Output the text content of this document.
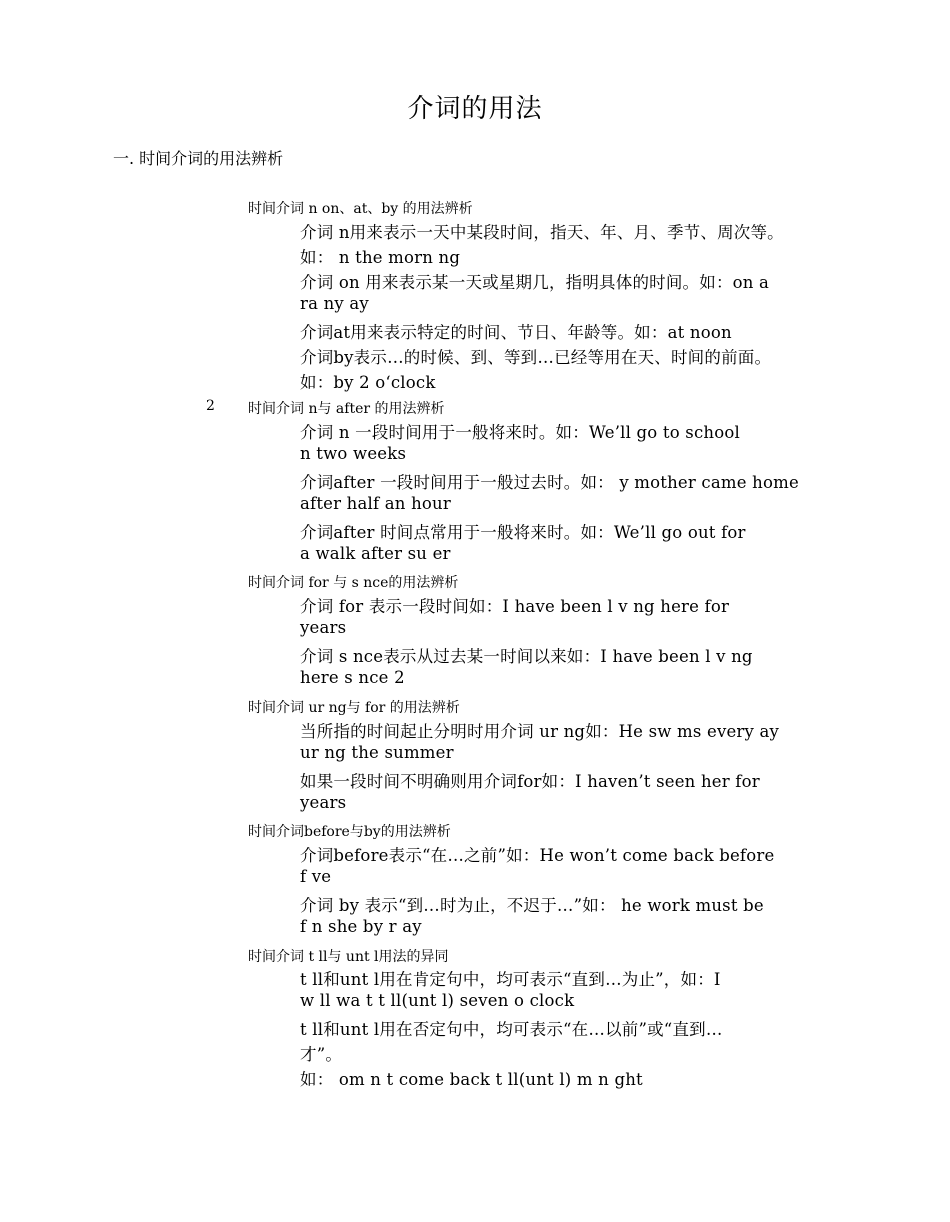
介词的用法
一. 时间介词的用法辨析
时间介词 n on、at、by 的用法辨析
介词 n用来表示一天中某段时间，指天、年、月、季节、周次等。
如： n the morn ng
介词 on 用来表示某一天或星期几，指明具体的时间。如：on a
ra ny ay
介词at用来表示特定的时间、节日、年龄等。如：at noon
介词by表示…的时候、到、等到…已经等用在天、时间的前面。
如：by 2 o‘clock
2 时间介词 n与 after 的用法辨析
介词 n 一段时间用于一般将来时。如：We’ll go to school
n two weeks
介词after 一段时间用于一般过去时。如： y mother came home
after half an hour
介词after 时间点常用于一般将来时。如：We’ll go out for
a walk after su er
时间介词 for 与 s nce的用法辨析
介词 for 表示一段时间如：I have been l v ng here for
years
介词 s nce表示从过去某一时间以来如：I have been l v ng
here s nce 2
时间介词 ur ng与 for 的用法辨析
当所指的时间起止分明时用介词 ur ng如：He sw ms every ay
ur ng the summer
如果一段时间不明确则用介词for如：I haven’t seen her for
years
时间介词before与by的用法辨析
介词before表示“在…之前”如：He won’t come back before
f ve
介词 by 表示“到…时为止，不迟于…”如： he work must be
f n she by r ay
时间介词 t ll与 unt l用法的异同
t ll和unt l用在肯定句中，均可表示“直到…为止”，如：I
w ll wa t t ll(unt l) seven o clock
t ll和unt l用在否定句中，均可表示“在…以前”或“直到…
才”。
如： om n t come back t ll(unt l) m n ght
